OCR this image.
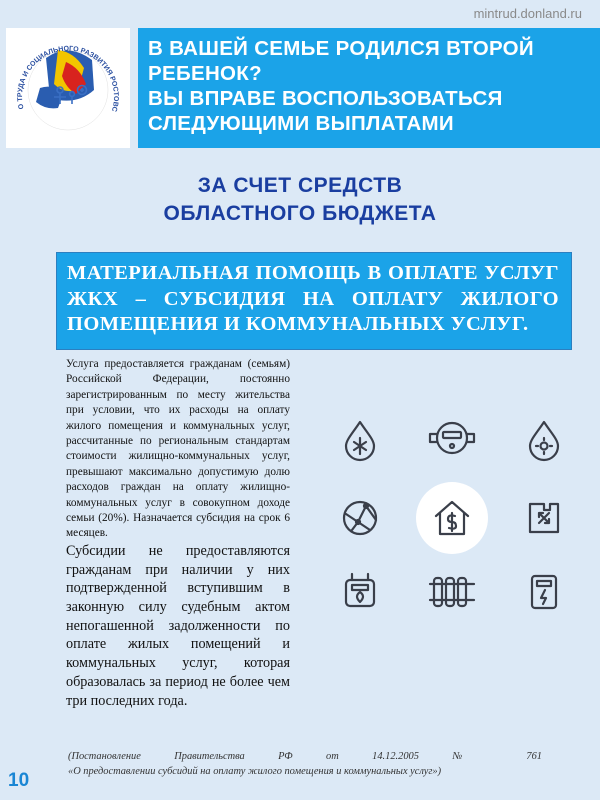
mintrud.donland.ru
О ТРУДА И СОЦИАЛЬНОГО РАЗВИТИЯ РОСТОВС
В ВАШЕЙ СЕМЬЕ РОДИЛСЯ ВТОРОЙ
РЕБЕНОК?
ВЫ ВПРАВЕ ВОСПОЛЬЗОВАТЬСЯ
СЛЕДУЮЩИМИ ВЫПЛАТАМИ
ЗА СЧЕТ СРЕДСТВ
ОБЛАСТНОГО БЮДЖЕТА
МАТЕРИАЛЬНАЯ ПОМОЩЬ В ОПЛАТЕ УСЛУГ ЖКХ – СУБСИДИЯ НА ОПЛАТУ ЖИЛОГО ПОМЕЩЕНИЯ И КОММУНАЛЬНЫХ УСЛУГ.

Услуга предоставляется гражданам (семьям) Российской Федерации, постоянно зарегистрированным по месту жительства при условии, что их расходы на оплату жилого помещения и коммунальных услуг, рассчитанные по региональным стандартам стоимости жилищно-коммунальных услуг, превышают максимально допустимую долю расходов граждан на оплату жилищно-коммунальных услуг в совокупном доходе семьи (20%). Назначается субсидия на срок 6 месяцев.

Субсидии не предоставляются гражданам при наличии у них подтвержденной вступившим в законную силу судебным актом непогашенной задолженности по оплате жилых помещений и коммунальных услуг, которая образовалась за период не более чем три последних года.

(Постановление Правительства РФ от 14.12.2005 № 761
«О предоставлении субсидий на оплату жилого помещения и коммунальных услуг»)
10
